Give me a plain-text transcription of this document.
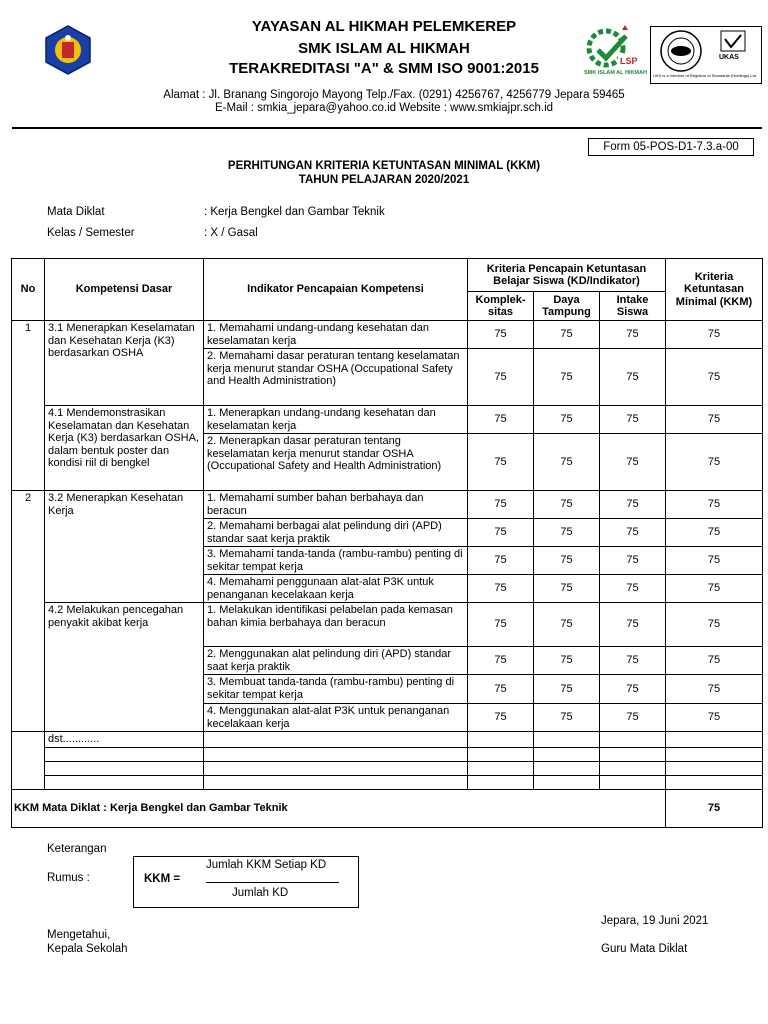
LSP
SMK ISLAM AL HIKMAH
UKAS
UKS is a member of Registrar of Standards (Holdings) Ltd.
YAYASAN AL HIKMAH PELEMKEREP
SMK ISLAM AL HIKMAH
TERAKREDITASI "A" & SMM ISO 9001:2015
Alamat : Jl. Branang Singorojo Mayong Telp./Fax. (0291) 4256767, 4256779 Jepara 59465
E-Mail : smkia_jepara@yahoo.co.id Website : www.smkiajpr.sch.id
Form 05-POS-D1-7.3.a-00
PERHITUNGAN KRITERIA KETUNTASAN MINIMAL (KKM)
TAHUN PELAJARAN 2020/2021
Mata Diklat	: Kerja Bengkel dan Gambar Teknik
Kelas / Semester	: X / Gasal
No	Kompetensi Dasar	Indikator Pencapaian Kompetensi	Kriteria Pencapain Ketuntasan Belajar Siswa (KD/Indikator)			Kriteria Ketuntasan Minimal (KKM)
			Komplek-sitas	Daya Tampung	Intake Siswa	
1	3.1 Menerapkan Keselamatan dan Kesehatan Kerja (K3) berdasarkan OSHA	1. Memahami undang-undang kesehatan dan keselamatan kerja	75	75	75	75
		2. Memahami dasar peraturan tentang keselamatan kerja menurut standar OSHA (Occupational Safety and Health Administration)	75	75	75	75
	4.1 Mendemonstrasikan Keselamatan dan Kesehatan Kerja (K3) berdasarkan OSHA, dalam bentuk poster dan kondisi riil di bengkel	1. Menerapkan undang-undang kesehatan dan keselamatan kerja	75	75	75	75
		2. Menerapkan dasar peraturan tentang keselamatan kerja menurut standar OSHA (Occupational Safety and Health Administration)	75	75	75	75
2	3.2 Menerapkan Kesehatan Kerja	1. Memahami sumber bahan berbahaya dan beracun	75	75	75	75
		2. Memahami berbagai alat pelindung diri (APD) standar saat kerja praktik	75	75	75	75
		3. Memahami tanda-tanda (rambu-rambu) penting di sekitar tempat kerja	75	75	75	75
		4. Memahami penggunaan alat-alat P3K untuk penanganan kecelakaan kerja	75	75	75	75
	4.2 Melakukan pencegahan penyakit akibat kerja	1. Melakukan identifikasi pelabelan pada kemasan bahan kimia berbahaya dan beracun	75	75	75	75
		2. Menggunakan alat pelindung diri (APD) standar saat kerja praktik	75	75	75	75
		3. Membuat tanda-tanda (rambu-rambu) penting di sekitar tempat kerja	75	75	75	75
		4. Menggunakan alat-alat P3K untuk penanganan kecelakaan kerja	75	75	75	75
	dst............					

KKM Mata Diklat : Kerja Bengkel dan Gambar Teknik						75
Keterangan
Rumus :	KKM =
Jumlah KKM Setiap KD
Jumlah KD
Jepara, 19 Juni 2021
Mengetahui,
Kepala Sekolah	Guru Mata Diklat
